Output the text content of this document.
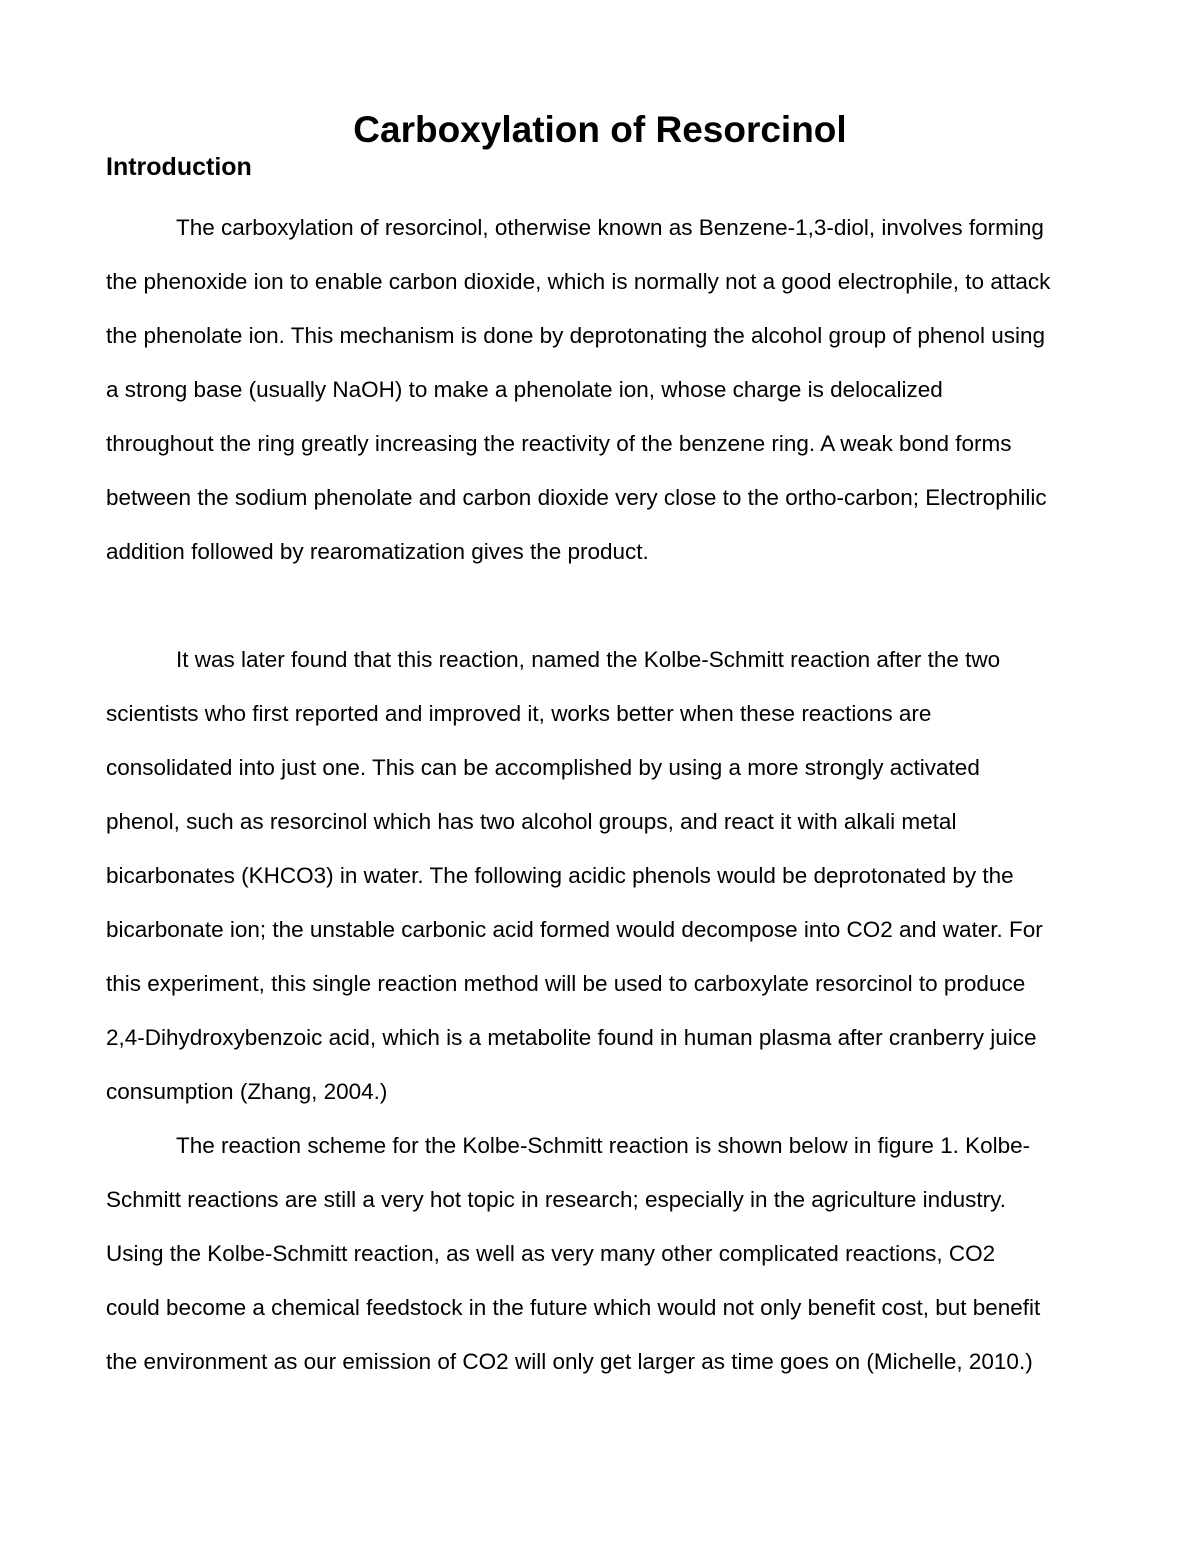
Carboxylation of Resorcinol
Introduction

The carboxylation of resorcinol, otherwise known as Benzene-1,3-diol, involves forming

the phenoxide ion to enable carbon dioxide, which is normally not a good electrophile, to attack

the phenolate ion. This mechanism is done by deprotonating the alcohol group of phenol using

a strong base (usually NaOH) to make a phenolate ion, whose charge is delocalized

throughout the ring greatly increasing the reactivity of the benzene ring. A weak bond forms

between the sodium phenolate and carbon dioxide very close to the ortho-carbon; Electrophilic

addition followed by rearomatization gives the product.

It was later found that this reaction, named the Kolbe-Schmitt reaction after the two

scientists who first reported and improved it, works better when these reactions are

consolidated into just one. This can be accomplished by using a more strongly activated

phenol, such as resorcinol which has two alcohol groups, and react it with alkali metal

bicarbonates (KHCO3) in water. The following acidic phenols would be deprotonated by the

bicarbonate ion; the unstable carbonic acid formed would decompose into CO2 and water. For

this experiment, this single reaction method will be used to carboxylate resorcinol to produce

2,4-Dihydroxybenzoic acid, which is a metabolite found in human plasma after cranberry juice

consumption (Zhang, 2004.)

The reaction scheme for the Kolbe-Schmitt reaction is shown below in figure 1. Kolbe-

Schmitt reactions are still a very hot topic in research; especially in the agriculture industry.

Using the Kolbe-Schmitt reaction, as well as very many other complicated reactions, CO2

could become a chemical feedstock in the future which would not only benefit cost, but benefit

the environment as our emission of CO2 will only get larger as time goes on (Michelle, 2010.)
